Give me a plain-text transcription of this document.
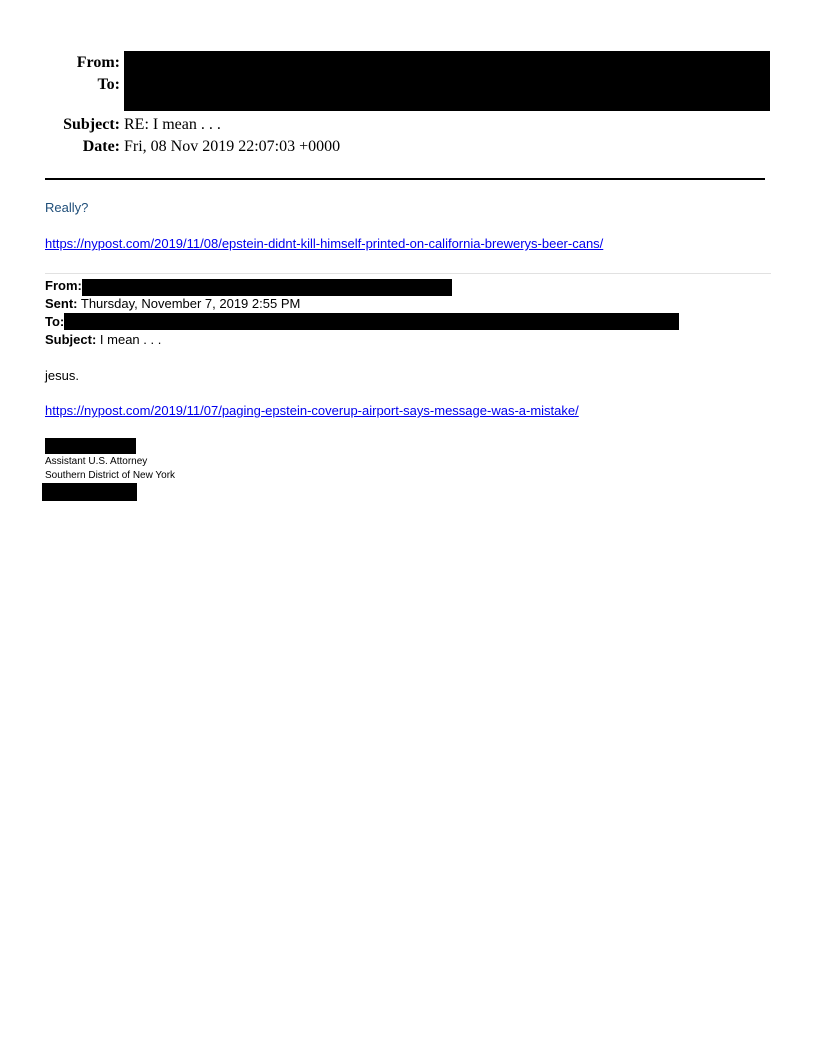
From:
To:
Subject: RE: I mean . . .
Date: Fri, 08 Nov 2019 22:07:03 +0000
Really?
https://nypost.com/2019/11/08/epstein-didnt-kill-himself-printed-on-california-brewerys-beer-cans/
From:
Sent: Thursday, November 7, 2019 2:55 PM
To:
Subject: I mean . . .
jesus.
https://nypost.com/2019/11/07/paging-epstein-coverup-airport-says-message-was-a-mistake/
Assistant U.S. Attorney
Southern District of New York
